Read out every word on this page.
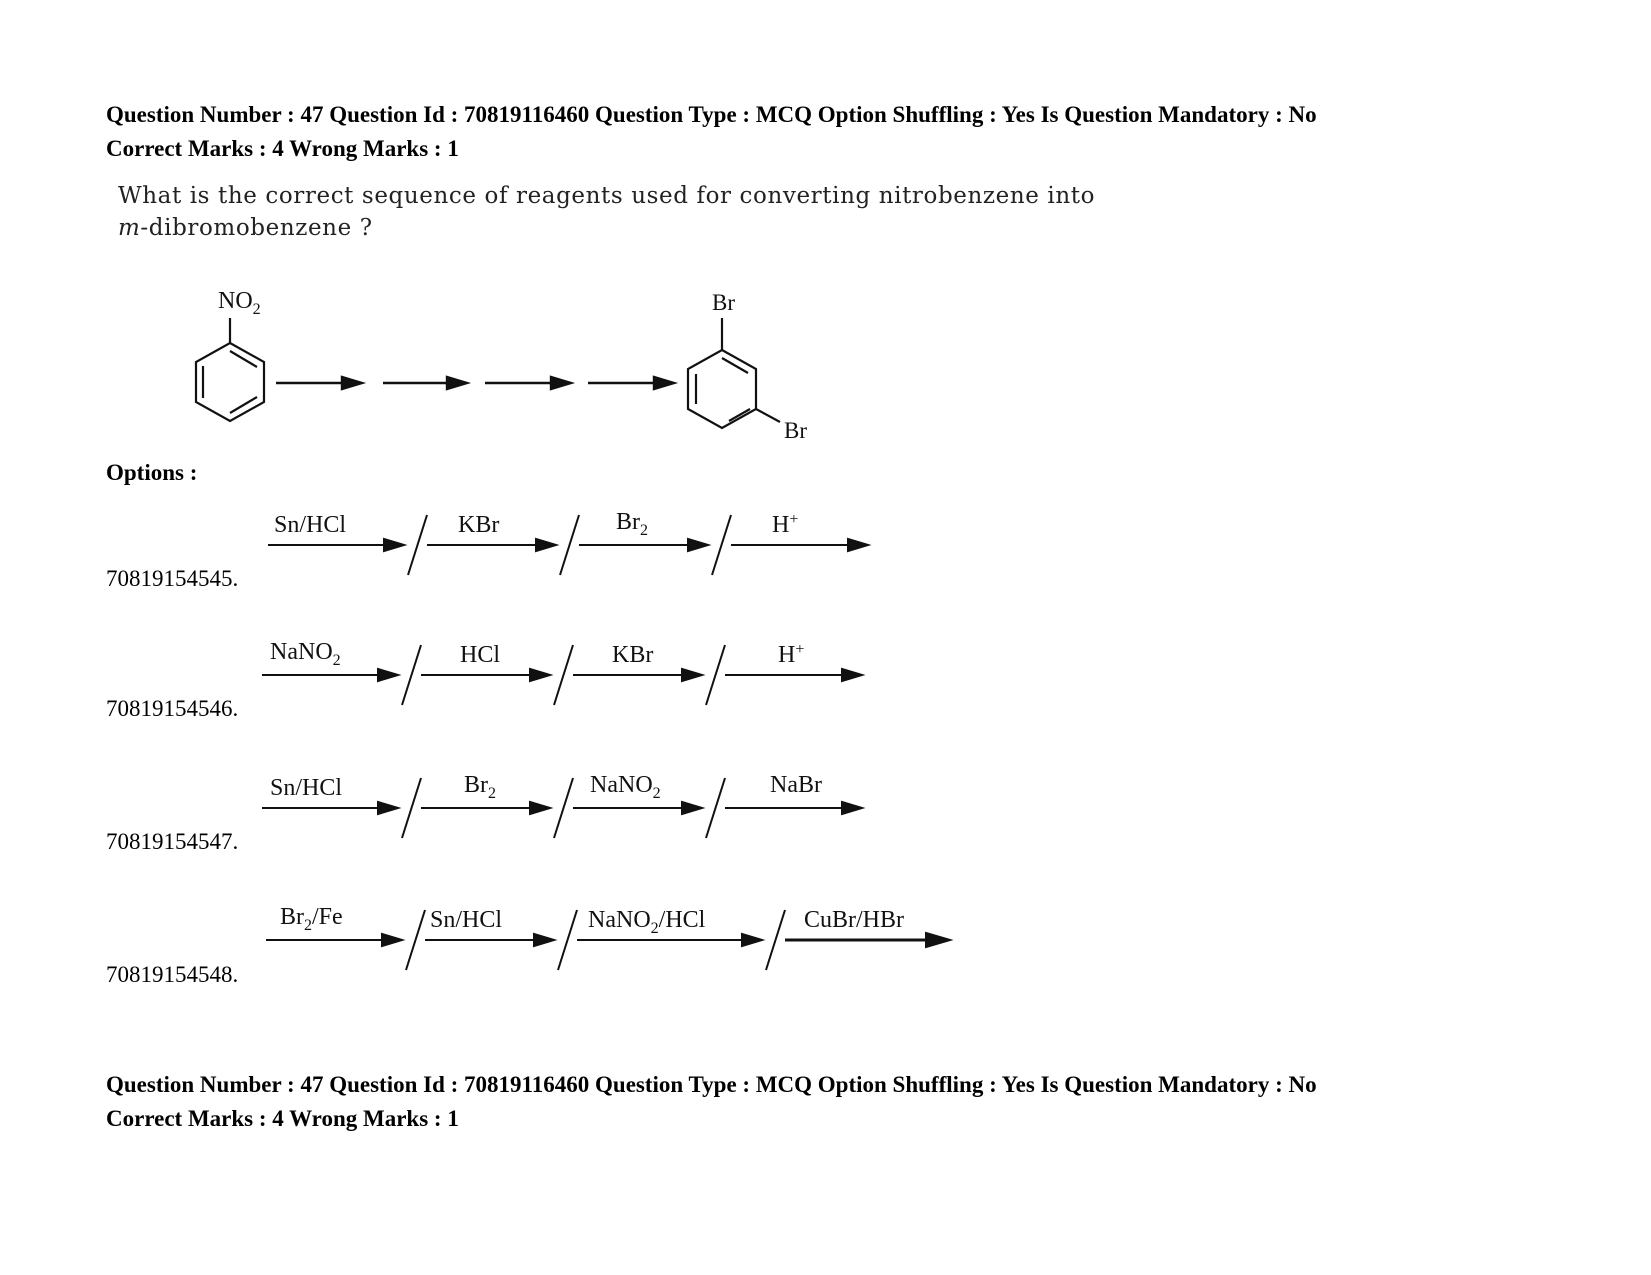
Question Number : 47 Question Id : 70819116460 Question Type : MCQ Option Shuffling : Yes Is Question Mandatory : No
Correct Marks : 4 Wrong Marks : 1
What is the correct sequence of reagents used for converting nitrobenzene into
m-dibromobenzene ?
$NO_2$	Br
Br
Options :
70819154545.
Sn/HCl	KBr	$Br_2$	H+
70819154546.
NaNO$_2$	HCl	KBr	H+
70819154547.
Sn/HCl	$Br_2$	NaNO$_2$	NaBr
70819154548.
$Br_2/Fe$	Sn/HCl	NaNO$_2$/HCl	CuBr/HBr
Question Number : 47 Question Id : 70819116460 Question Type : MCQ Option Shuffling : Yes Is Question Mandatory : No
Correct Marks : 4 Wrong Marks : 1
